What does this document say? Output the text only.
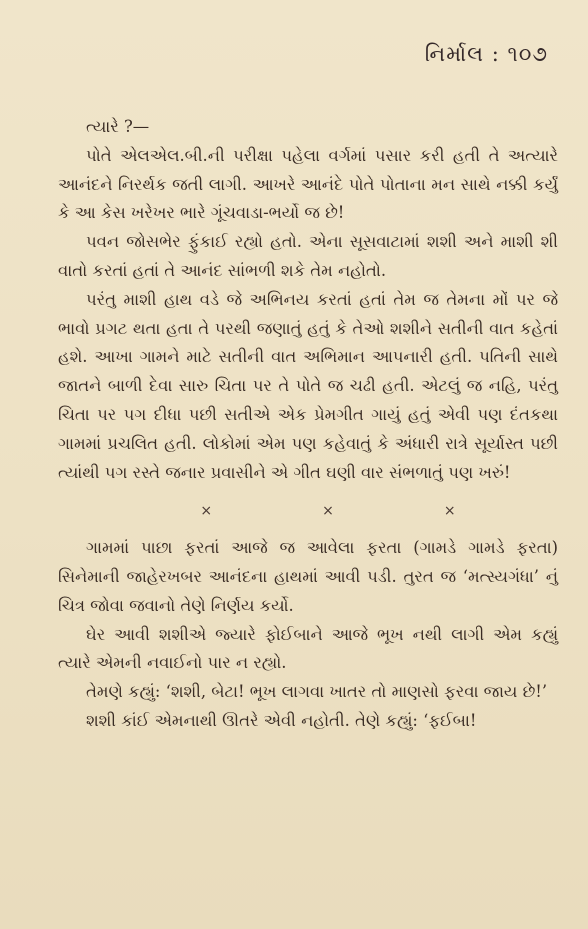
નિર્માલ : ૧૦૭

ત્યારે ?—

પોતે એલએલ.બી.ની પરીક્ષા પહેલા વર્ગમાં પસાર કરી હતી તે અત્યારે આનંદને નિરર્થક જતી લાગી. આખરે આનંદે પોતે પોતાના મન સાથે નક્કી કર્યું કે આ કેસ ખરેખર ભારે ગૂંચવાડા-ભર્યો જ છે!

પવન જોસભેર ફુંકાઈ રહ્યો હતો. એના સૂસવાટામાં શશી અને માશી શી વાતો કરતાં હતાં તે આનંદ સાંભળી શકે તેમ નહોતો.

પરંતુ માશી હાથ વડે જે અભિનય કરતાં હતાં તેમ જ તેમના મોં પર જે ભાવો પ્રગટ થતા હતા તે પરથી જણાતું હતું કે તેઓ શશીને સતીની વાત કહેતાં હશે. આખા ગામને માટે સતીની વાત અભિમાન આપનારી હતી. પતિની સાથે જાતને બાળી દેવા સારુ ચિતા પર તે પોતે જ ચઢી હતી. એટલું જ નહિ, પરંતુ ચિતા પર પગ દીધા પછી સતીએ એક પ્રેમગીત ગાયું હતું એવી પણ દંતકથા ગામમાં પ્રચલિત હતી. લોકોમાં એમ પણ કહેવાતું કે અંધારી રાત્રે સૂર્યાસ્ત પછી ત્યાંથી પગ રસ્તે જનાર પ્રવાસીને એ ગીત ઘણી વાર સંભળાતું પણ ખરું!

×	×	×

ગામમાં પાછા ફરતાં આજે જ આવેલા ફરતા (ગામડે ગામડે ફરતા) સિનેમાની જાહેરખબર આનંદના હાથમાં આવી પડી. તુરત જ ‘મત્સ્યગંધા’ નું ચિત્ર જોવા જવાનો તેણે નિર્ણય કર્યો.

ઘેર આવી શશીએ જ્યારે ફોઈબાને આજે ભૂખ નથી લાગી એમ કહ્યું ત્યારે એમની નવાઈનો પાર ન રહ્યો.

તેમણે કહ્યું: ‘શશી, બેટા! ભૂખ લાગવા ખાતર તો માણસો ફરવા જાય છે!’

શશી કાંઈ એમનાથી ઊતરે એવી નહોતી. તેણે કહ્યું: ‘ફઈબા!
